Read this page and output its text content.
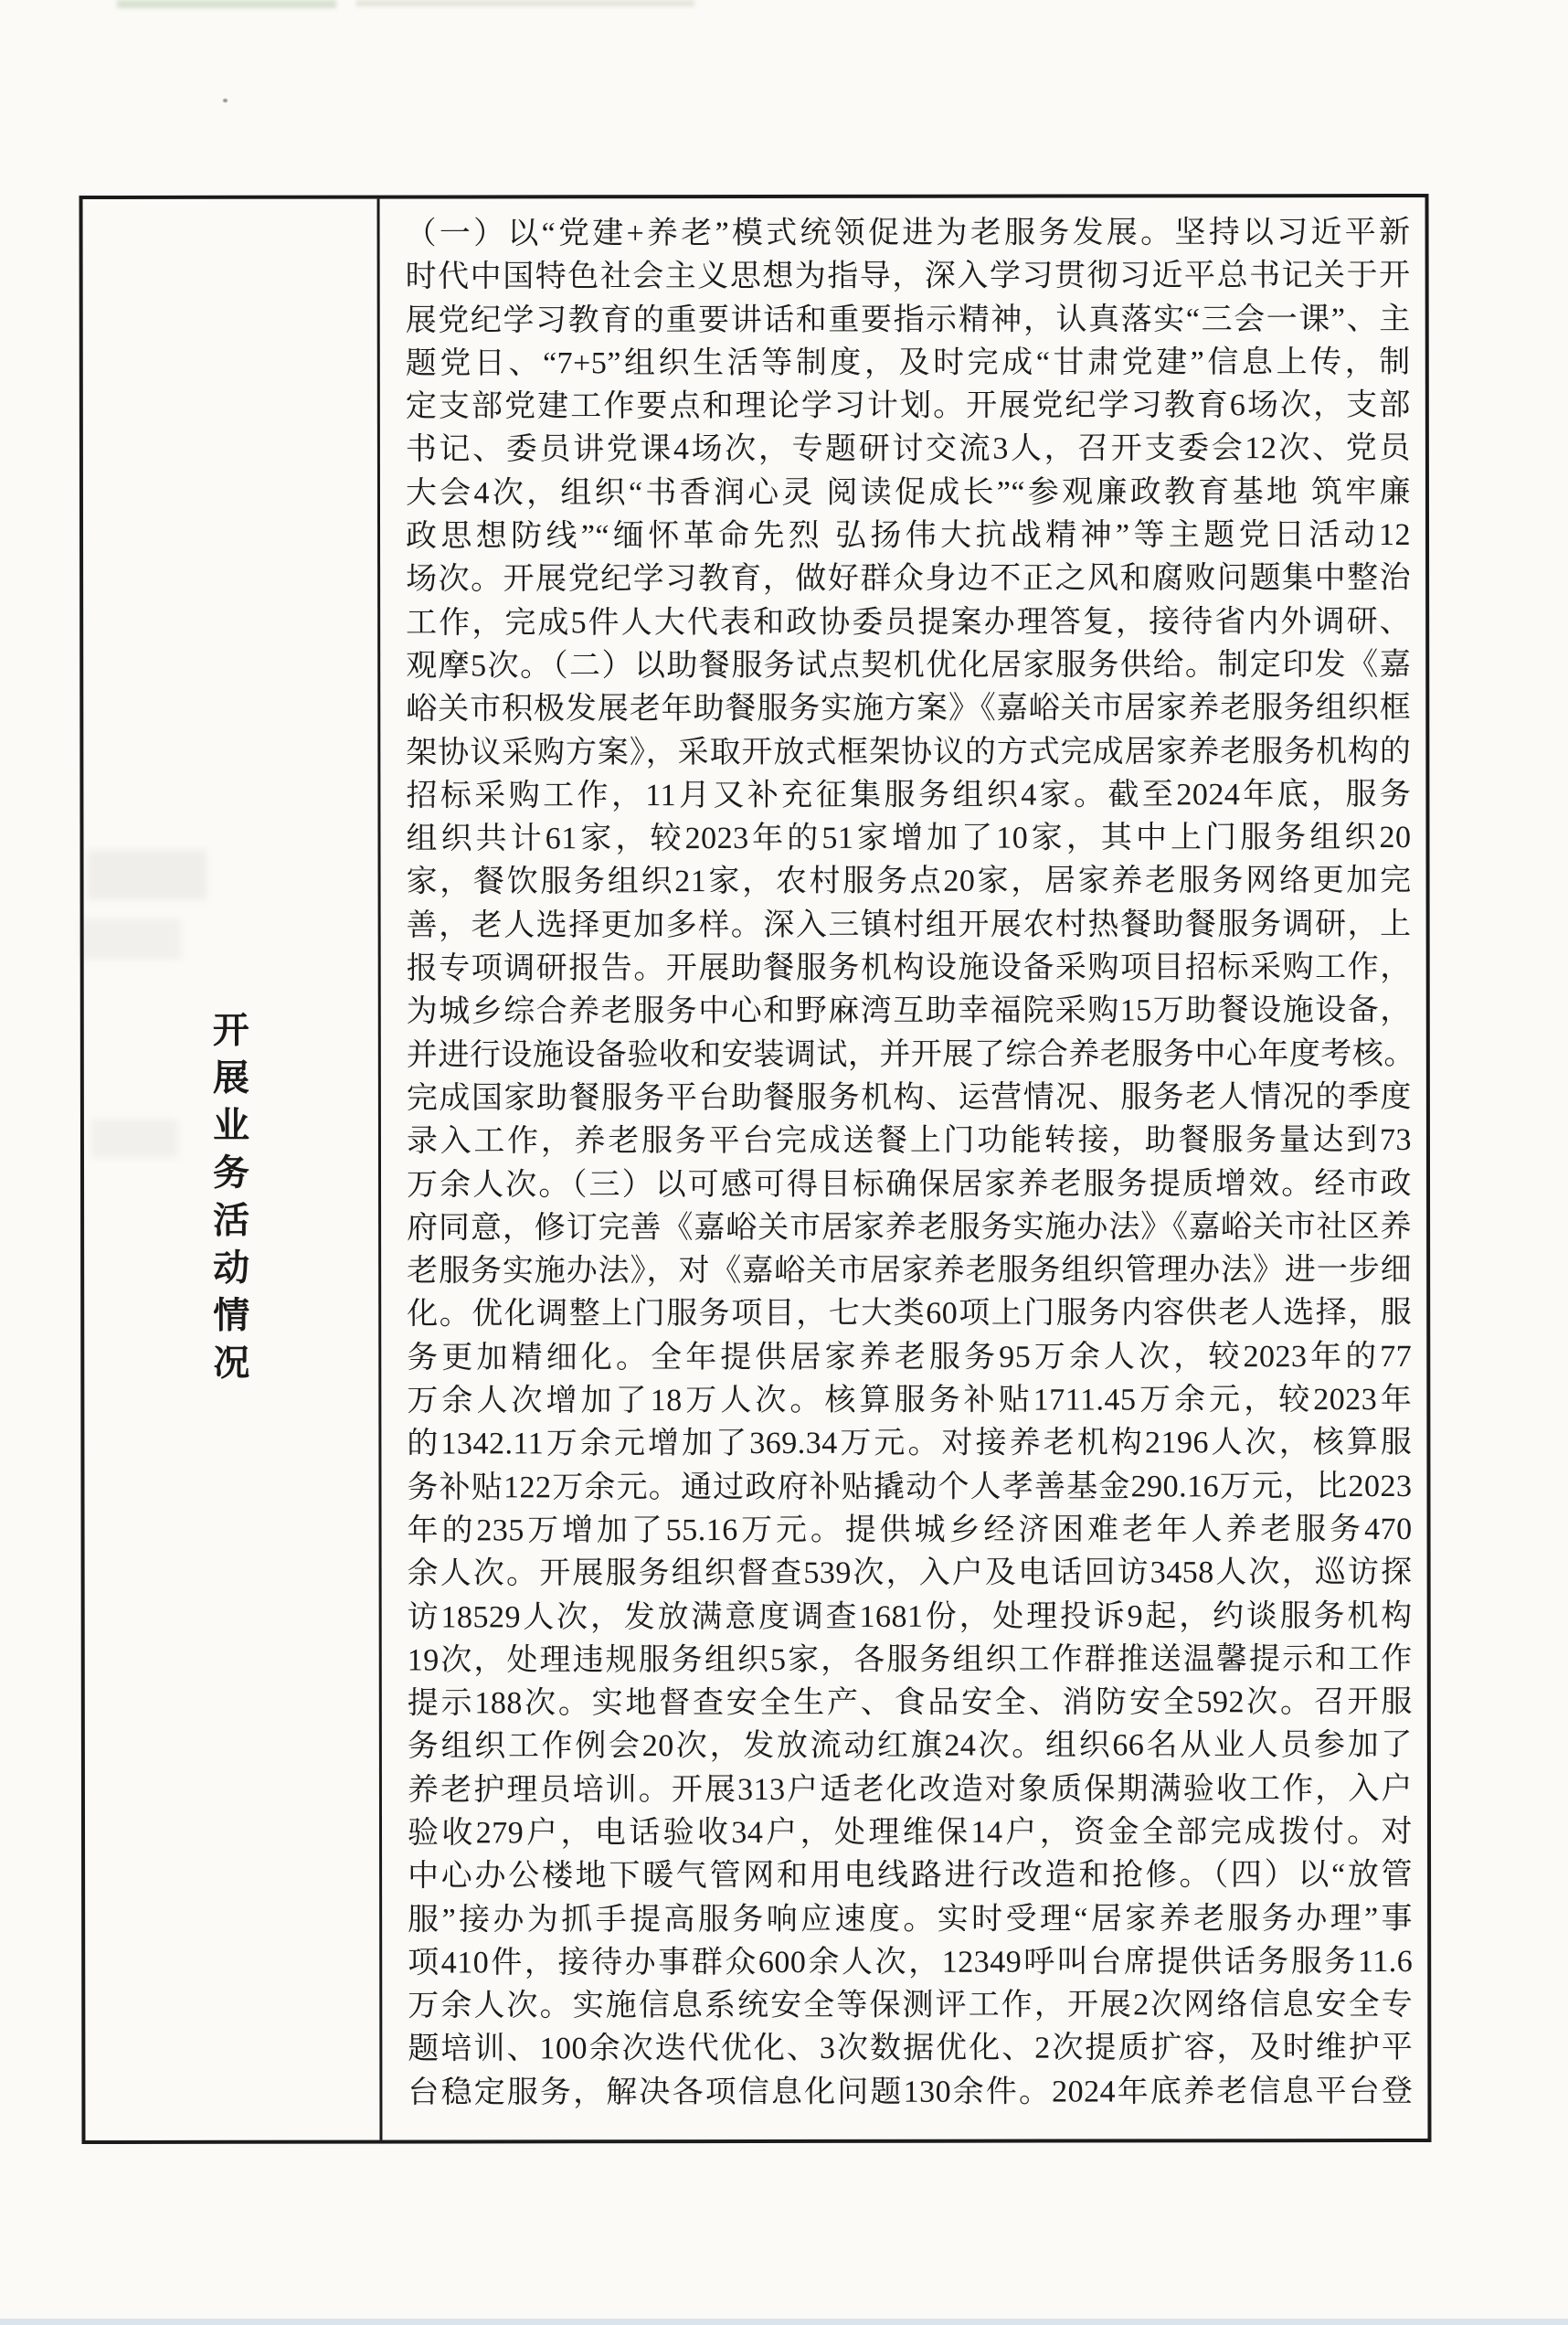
开
展
业
务
活
动
情
况
（一）以“党建+养老”模式统领促进为老服务发展。坚持以习近平新
时代中国特色社会主义思想为指导，深入学习贯彻习近平总书记关于开
展党纪学习教育的重要讲话和重要指示精神，认真落实“三会一课”、主
题党日、“7+5”组织生活等制度，及时完成“甘肃党建”信息上传，制
定支部党建工作要点和理论学习计划。开展党纪学习教育6场次，支部
书记、委员讲党课4场次，专题研讨交流3人，召开支委会12次、党员
大会4次，组织“书香润心灵 阅读促成长”“参观廉政教育基地 筑牢廉
政思想防线”“缅怀革命先烈 弘扬伟大抗战精神”等主题党日活动12
场次。开展党纪学习教育，做好群众身边不正之风和腐败问题集中整治
工作，完成5件人大代表和政协委员提案办理答复，接待省内外调研、
观摩5次。（二）以助餐服务试点契机优化居家服务供给。制定印发《嘉
峪关市积极发展老年助餐服务实施方案》《嘉峪关市居家养老服务组织框
架协议采购方案》，采取开放式框架协议的方式完成居家养老服务机构的
招标采购工作，11月又补充征集服务组织4家。截至2024年底，服务
组织共计61家，较2023年的51家增加了10家，其中上门服务组织20
家，餐饮服务组织21家，农村服务点20家，居家养老服务网络更加完
善，老人选择更加多样。深入三镇村组开展农村热餐助餐服务调研，上
报专项调研报告。开展助餐服务机构设施设备采购项目招标采购工作，
为城乡综合养老服务中心和野麻湾互助幸福院采购15万助餐设施设备，
并进行设施设备验收和安装调试，并开展了综合养老服务中心年度考核。
完成国家助餐服务平台助餐服务机构、运营情况、服务老人情况的季度
录入工作，养老服务平台完成送餐上门功能转接，助餐服务量达到73
万余人次。（三）以可感可得目标确保居家养老服务提质增效。经市政
府同意，修订完善《嘉峪关市居家养老服务实施办法》《嘉峪关市社区养
老服务实施办法》，对《嘉峪关市居家养老服务组织管理办法》进一步细
化。优化调整上门服务项目，七大类60项上门服务内容供老人选择，服
务更加精细化。全年提供居家养老服务95万余人次，较2023年的77
万余人次增加了18万人次。核算服务补贴1711.45万余元，较2023年
的1342.11万余元增加了369.34万元。对接养老机构2196人次，核算服
务补贴122万余元。通过政府补贴撬动个人孝善基金290.16万元，比2023
年的235万增加了55.16万元。提供城乡经济困难老年人养老服务470
余人次。开展服务组织督查539次，入户及电话回访3458人次，巡访探
访18529人次，发放满意度调查1681份，处理投诉9起，约谈服务机构
19次，处理违规服务组织5家，各服务组织工作群推送温馨提示和工作
提示188次。实地督查安全生产、食品安全、消防安全592次。召开服
务组织工作例会20次，发放流动红旗24次。组织66名从业人员参加了
养老护理员培训。开展313户适老化改造对象质保期满验收工作，入户
验收279户，电话验收34户，处理维保14户，资金全部完成拨付。对
中心办公楼地下暖气管网和用电线路进行改造和抢修。（四）以“放管
服”接办为抓手提高服务响应速度。实时受理“居家养老服务办理”事
项410件，接待办事群众600余人次，12349呼叫台席提供话务服务11.6
万余人次。实施信息系统安全等保测评工作，开展2次网络信息安全专
题培训、100余次迭代优化、3次数据优化、2次提质扩容，及时维护平
台稳定服务，解决各项信息化问题130余件。2024年底养老信息平台登
